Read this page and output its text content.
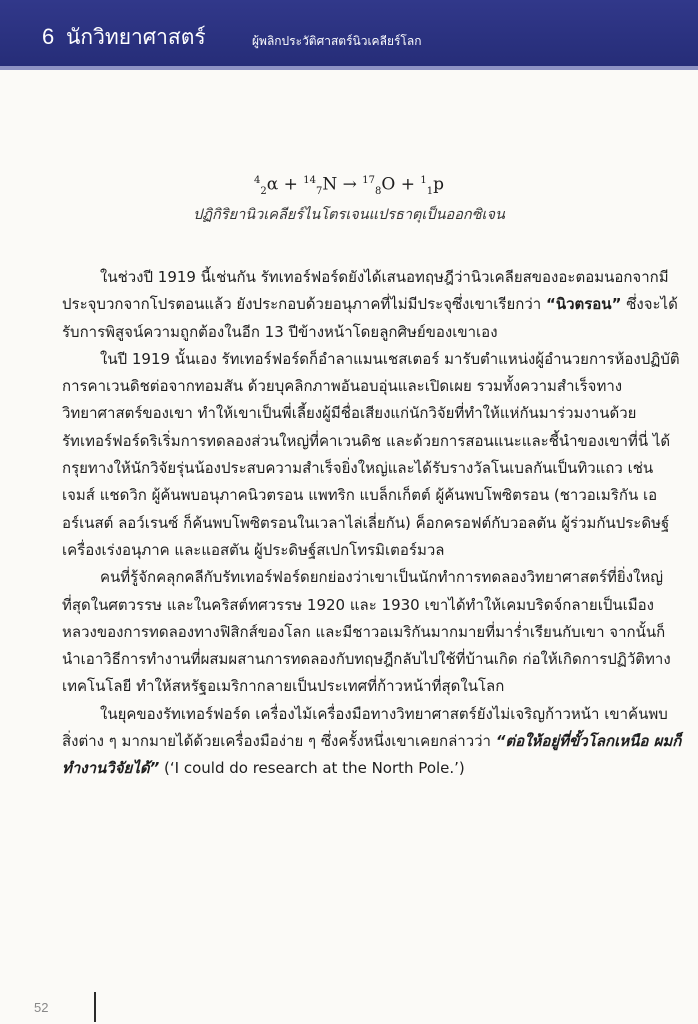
6 นักวิทยาศาสตร์	ผู้พลิกประวัติศาสตร์นิวเคลียร์โลก
$^4_2$α + $^{14}_7$N → $^{17}_8$O + $^1_1$p
ปฏิกิริยานิวเคลียร์ไนโตรเจนแปรธาตุเป็นออกซิเจน

ในช่วงปี 1919 นี้เช่นกัน รัทเทอร์ฟอร์ดยังได้เสนอทฤษฎีว่านิวเคลียสของอะตอมนอกจากมีประจุบวกจากโปรตอนแล้ว ยังประกอบด้วยอนุภาคที่ไม่มีประจุซึ่งเขาเรียกว่า “นิวตรอน” ซึ่งจะได้รับการพิสูจน์ความถูกต้องในอีก 13 ปีข้างหน้าโดยลูกศิษย์ของเขาเอง

ในปี 1919 นั้นเอง รัทเทอร์ฟอร์ดก็อำลาแมนเชสเตอร์ มารับตำแหน่งผู้อำนวยการห้องปฏิบัติการคาเวนดิชต่อจากทอมสัน ด้วยบุคลิกภาพอันอบอุ่นและเปิดเผย รวมทั้งความสำเร็จทางวิทยาศาสตร์ของเขา ทำให้เขาเป็นพี่เลี้ยงผู้มีชื่อเสียงแก่นักวิจัยที่ทำให้แห่กันมาร่วมงานด้วย รัทเทอร์ฟอร์ดริเริ่มการทดลองส่วนใหญ่ที่คาเวนดิช และด้วยการสอนแนะและชี้นำของเขาที่นี่ ได้กรุยทางให้นักวิจัยรุ่นน้องประสบความสำเร็จยิ่งใหญ่และได้รับรางวัลโนเบลกันเป็นทิวแถว เช่น เจมส์ แชดวิก ผู้ค้นพบอนุภาคนิวตรอน แพทริก แบล็กเก็ตต์ ผู้ค้นพบโพซิตรอน (ชาวอเมริกัน เออร์เนสต์ ลอว์เรนซ์ ก็ค้นพบโพซิตรอนในเวลาไล่เลี่ยกัน) ค็อกครอฟต์กับวอลตัน ผู้ร่วมกันประดิษฐ์เครื่องเร่งอนุภาค และแอสตัน ผู้ประดิษฐ์สเปกโทรมิเตอร์มวล

คนที่รู้จักคลุกคลีกับรัทเทอร์ฟอร์ดยกย่องว่าเขาเป็นนักทำการทดลองวิทยาศาสตร์ที่ยิ่งใหญ่ที่สุดในศตวรรษ และในคริสต์ทศวรรษ 1920 และ 1930 เขาได้ทำให้เคมบริดจ์กลายเป็นเมืองหลวงของการทดลองทางฟิสิกส์ของโลก และมีชาวอเมริกันมากมายที่มาร่ำเรียนกับเขา จากนั้นก็นำเอาวิธีการทำงานที่ผสมผสานการทดลองกับทฤษฎีกลับไปใช้ที่บ้านเกิด ก่อให้เกิดการปฏิวัติทางเทคโนโลยี ทำให้สหรัฐอเมริกากลายเป็นประเทศที่ก้าวหน้าที่สุดในโลก

ในยุคของรัทเทอร์ฟอร์ด เครื่องไม้เครื่องมือทางวิทยาศาสตร์ยังไม่เจริญก้าวหน้า เขาค้นพบสิ่งต่าง ๆ มากมายได้ด้วยเครื่องมือง่าย ๆ ซึ่งครั้งหนึ่งเขาเคยกล่าวว่า “ต่อให้อยู่ที่ขั้วโลกเหนือ ผมก็ทำงานวิจัยได้” (‘I could do research at the North Pole.’)

52
